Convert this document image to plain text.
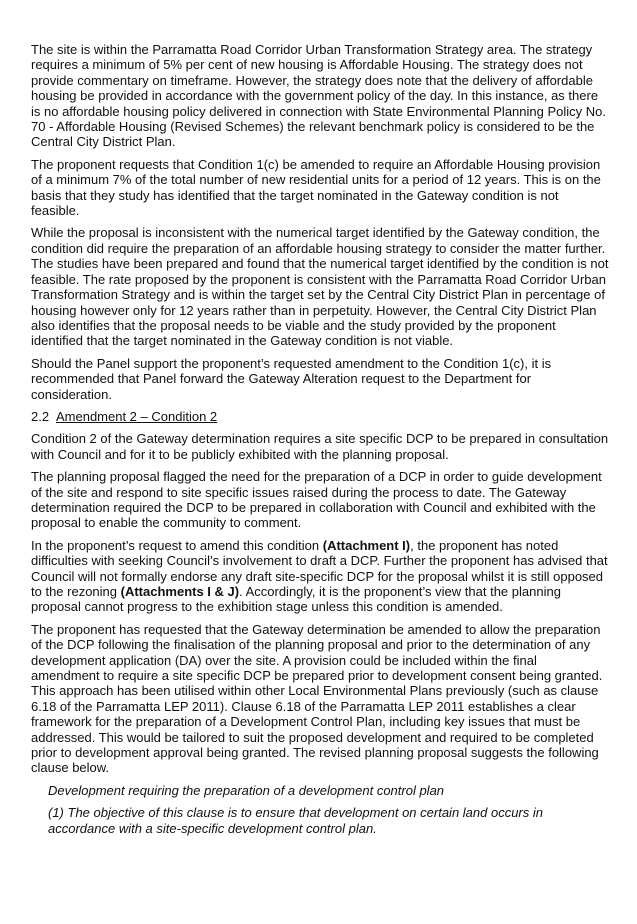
The site is within the Parramatta Road Corridor Urban Transformation Strategy area. The strategy requires a minimum of 5% per cent of new housing is Affordable Housing. The strategy does not provide commentary on timeframe. However, the strategy does note that the delivery of affordable housing be provided in accordance with the government policy of the day. In this instance, as there is no affordable housing policy delivered in connection with State Environmental Planning Policy No. 70 - Affordable Housing (Revised Schemes) the relevant benchmark policy is considered to be the Central City District Plan.

The proponent requests that Condition 1(c) be amended to require an Affordable Housing provision of a minimum 7% of the total number of new residential units for a period of 12 years. This is on the basis that they study has identified that the target nominated in the Gateway condition is not feasible.

While the proposal is inconsistent with the numerical target identified by the Gateway condition, the condition did require the preparation of an affordable housing strategy to consider the matter further. The studies have been prepared and found that the numerical target identified by the condition is not feasible. The rate proposed by the proponent is consistent with the Parramatta Road Corridor Urban Transformation Strategy and is within the target set by the Central City District Plan in percentage of housing however only for 12 years rather than in perpetuity. However, the Central City District Plan also identifies that the proposal needs to be viable and the study provided by the proponent identified that the target nominated in the Gateway condition is not viable.

Should the Panel support the proponent’s requested amendment to the Condition 1(c), it is recommended that Panel forward the Gateway Alteration request to the Department for consideration.

2.2 Amendment 2 – Condition 2

Condition 2 of the Gateway determination requires a site specific DCP to be prepared in consultation with Council and for it to be publicly exhibited with the planning proposal.

The planning proposal flagged the need for the preparation of a DCP in order to guide development of the site and respond to site specific issues raised during the process to date. The Gateway determination required the DCP to be prepared in collaboration with Council and exhibited with the proposal to enable the community to comment.

In the proponent’s request to amend this condition (Attachment I), the proponent has noted difficulties with seeking Council’s involvement to draft a DCP. Further the proponent has advised that Council will not formally endorse any draft site-specific DCP for the proposal whilst it is still opposed to the rezoning (Attachments I & J). Accordingly, it is the proponent’s view that the planning proposal cannot progress to the exhibition stage unless this condition is amended.

The proponent has requested that the Gateway determination be amended to allow the preparation of the DCP following the finalisation of the planning proposal and prior to the determination of any development application (DA) over the site. A provision could be included within the final amendment to require a site specific DCP be prepared prior to development consent being granted. This approach has been utilised within other Local Environmental Plans previously (such as clause 6.18 of the Parramatta LEP 2011). Clause 6.18 of the Parramatta LEP 2011 establishes a clear framework for the preparation of a Development Control Plan, including key issues that must be addressed. This would be tailored to suit the proposed development and required to be completed prior to development approval being granted. The revised planning proposal suggests the following clause below.

Development requiring the preparation of a development control plan

(1) The objective of this clause is to ensure that development on certain land occurs in accordance with a site-specific development control plan.
